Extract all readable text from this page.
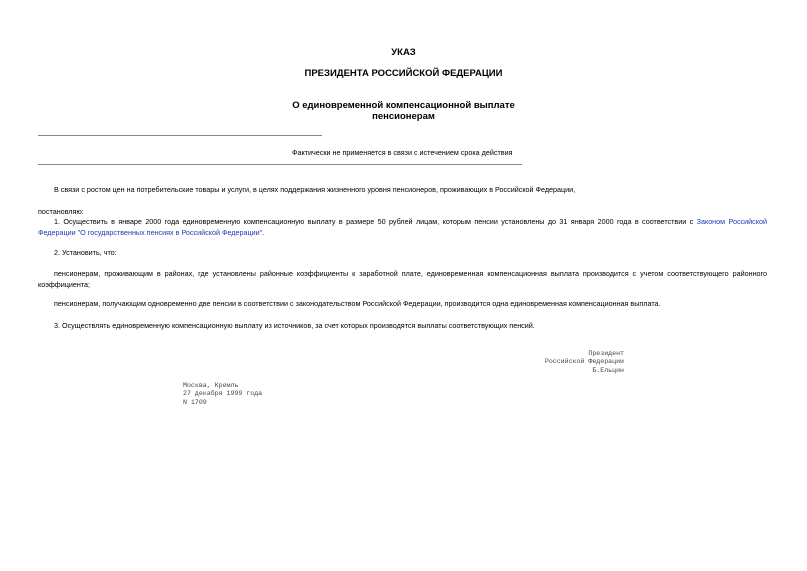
УКАЗ
ПРЕЗИДЕНТА РОССИЙСКОЙ ФЕДЕРАЦИИ
О единовременной компенсационной выплате
пенсионерам
Фактически не применяется в связи с истечением срока действия
В связи с ростом цен на потребительские товары и услуги, в целях поддержания жизненного уровня пенсионеров, проживающих в Российской Федерации,
постановляю:
1. Осуществить в январе 2000 года единовременную компенсационную выплату в размере 50 рублей лицам, которым пенсии установлены до 31 января 2000 года в соответствии с Законом Российской Федерации "О государственных пенсиях в Российской Федерации".
2. Установить, что:
пенсионерам, проживающим в районах, где установлены районные коэффициенты к заработной плате, единовременная компенсационная выплата производится с учетом соответствующего районного коэффициента;
пенсионерам, получающим одновременно две пенсии в соответствии с законодательством Российской Федерации, производится одна единовременная компенсационная выплата.
3. Осуществлять единовременную компенсационную выплату из источников, за счет которых производятся выплаты соответствующих пенсий.
Президент
Российской Федерации
Б.Ельцин
Москва, Кремль
27 декабря 1999 года
N 1709
